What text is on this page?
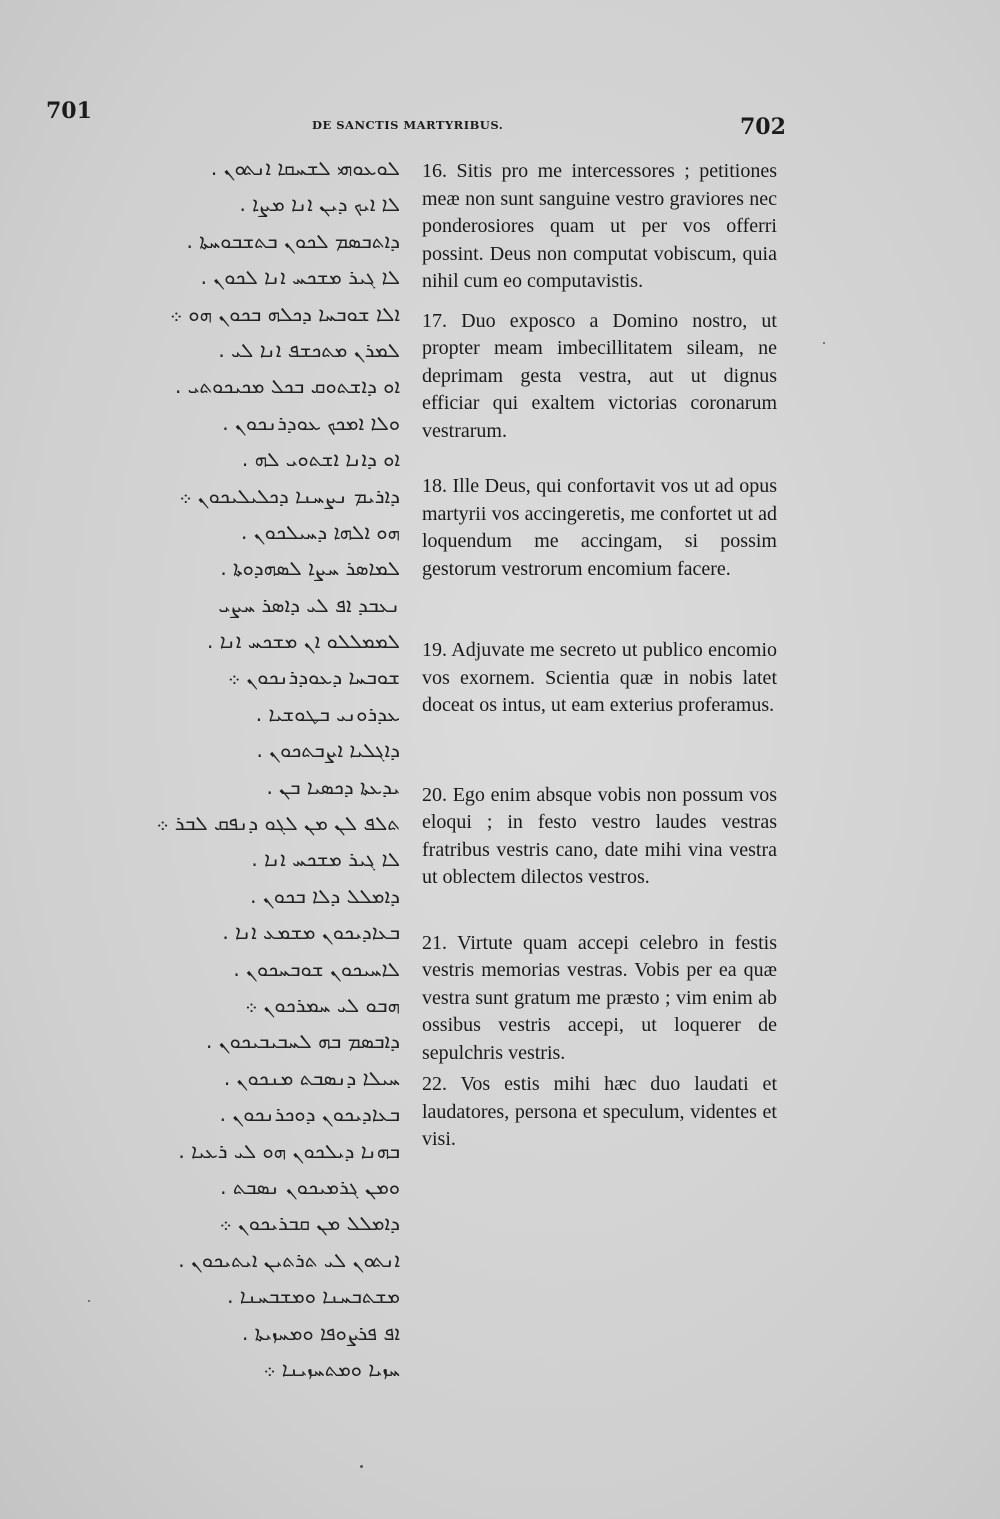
701
DE SANCTIS MARTYRIBUS.	702
ܠܘܥܘܗܝ ܠܫܚܩܐ ܐܢܬܘܢ .
ܠܐ ܐܝܟ ܕܝܢ ܐܢܐ ܡܨܐ .
ܕܐܬܒܣܡ ܠܟܘܢ ܒܬܫܒܘܚܬܐ .
ܠܐ ܓܝܪ ܡܫܟܚ ܐܢܐ ܠܟܘܢ .
ܐܠܐ ܫܘܒܚܐ ܕܟܠܗ ܒܟܘܢ ܗܘ ܀
ܠܡܪܢ ܡܬܟܫܦ ܐܢܐ ܠܝ .
ܐܘ ܕܐܫܬܘܩ ܒܟܠ ܡܟܝܟܘܬܝ .
ܘܠܐ ܐܡܟܟ ܥܘܕܪܢܟܘܢ .
ܐܘ ܕܐܢܐ ܐܫܬܘܝ ܠܗ .
ܕܐܪܝܡ ܢܨܚܢܐ ܕܟܠܝܠܝܟܘܢ ܀
ܗܘ ܐܠܗܐ ܕܚܝܠܟܘܢ .
ܠܡܐܣܪ ܚܨܐ ܠܣܗܕܘܬܐ .
ܢܥܒܕ ܐܦ ܠܝ ܕܐܣܪ ܚܨܝ
ܠܡܡܠܠܘ ܐܢ ܡܫܟܚ ܐܢܐ .
ܫܘܒܚܐ ܕܥܘܕܪܢܟܘܢ ܀
ܥܕܪܘܢܝ ܒܛܘܫܝܐ .
ܕܐܓܠܝܐ ܐܨܒܬܟܘܢ .
ܝܕܥܬܐ ܕܟܣܝܐ ܒܢ .
ܬܠܦ ܠܢ ܡܢ ܠܓܘ ܕܢܦܩ ܠܒܪ ܀
ܠܐ ܓܝܪ ܡܫܟܚ ܐܢܐ .
ܕܐܡܠܠ ܕܠܐ ܒܟܘܢ .
ܒܥܐܕܝܟܘܢ ܡܫܡܥ ܐܢܐ .
ܠܐܚܝܟܘܢ ܫܘܒܚܟܘܢ .
ܗܒܘ ܠܝ ܚܡܪܟܘܢ ܀
ܕܐܒܣܡ ܒܗ ܠܚܒܝܒܝܟܘܢ .
ܚܝܠܐ ܕܢܣܒܬ ܡܢܟܘܢ .
ܒܥܐܕܝܟܘܢ ܕܘܟܪܢܟܘܢ .
ܒܗܢܐ ܕܝܠܟܘܢ ܗܘ ܠܝ ܪܥܝܐ .
ܘܡܢ ܓܪܡܝܟܘܢ ܢܣܒܬ .
ܕܐܡܠܠ ܡܢ ܩܒܪܝܟܘܢ ܀
ܐܢܬܘܢ ܠܝ ܬܪܬܝܢ ܐܝܬܝܟܘܢ .
ܡܫܬܒܚܢܐ ܘܡܫܒܚܢܐ .
ܐܦ ܦܪܨܘܦܐ ܘܡܚܙܝܬܐ .
ܚܙܝܐ ܘܡܬܚܙܝܢܐ ܀

16. Sitis pro me intercessores ; petitiones meæ non sunt sanguine vestro graviores nec ponderosiores quam ut per vos offerri possint. Deus non computat vobiscum, quia nihil cum eo computavistis.

17. Duo exposco a Domino nostro, ut propter meam imbecillitatem sileam, ne deprimam gesta vestra, aut ut dignus efficiar qui exaltem victorias coronarum vestrarum.

18. Ille Deus, qui confortavit vos ut ad opus martyrii vos accingeretis, me confortet ut ad loquendum me accingam, si possim gestorum vestrorum encomium facere.

19. Adjuvate me secreto ut publico encomio vos exornem. Scientia quæ in nobis latet doceat os intus, ut eam exterius proferamus.

20. Ego enim absque vobis non possum vos eloqui ; in festo vestro laudes vestras fratribus vestris cano, date mihi vina vestra ut oblectem dilectos vestros.

21. Virtute quam accepi celebro in festis vestris memorias vestras. Vobis per ea quæ vestra sunt gratum me præsto ; vim enim ab ossibus vestris accepi, ut loquerer de sepulchris vestris.

22. Vos estis mihi hæc duo laudati et laudatores, persona et speculum, videntes et visi.
